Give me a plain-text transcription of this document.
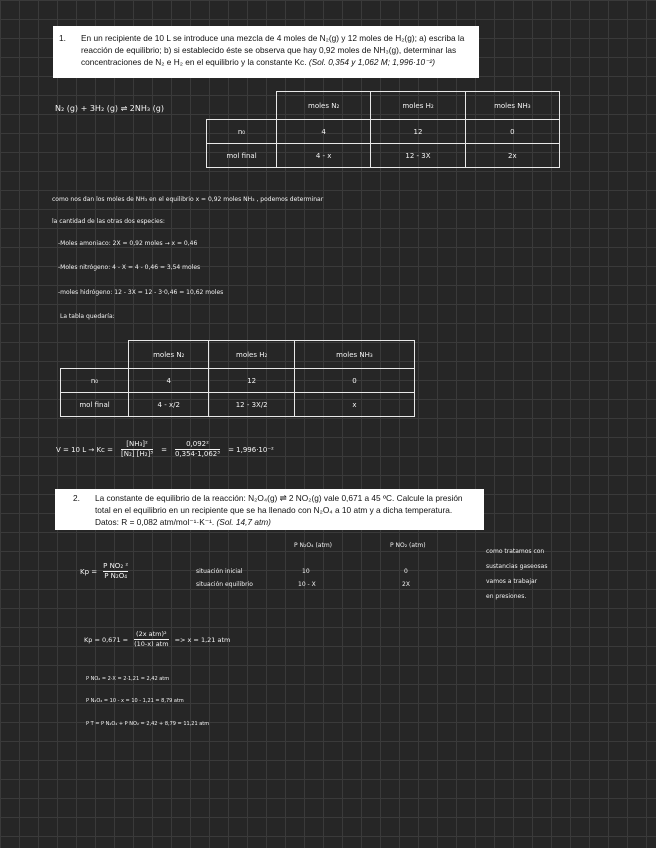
1. En un recipiente de 10 L se introduce una mezcla de 4 moles de N₂(g) y 12 moles de H₂(g); a) escriba la reacción de equilibrio; b) si establecido éste se observa que hay 0,92 moles de NH₃(g), determinar las concentraciones de N₂ e H₂ en el equilibrio y la constante Kc. (Sol. 0,354 y 1,062 M; 1,996·10⁻²)
N₂ (g) + 3H₂ (g) ⇌ 2NH₃ (g)
		moles N₂	moles H₂	moles NH₃
n₀	4	12	0
mol final	4 - x	12 - 3X	2x
como nos dan los moles de NH₃ en el equilibrio x = 0,92 moles NH₃ , podemos determinar
la cantidad de las otras dos especies:
-Moles amoniaco: 2X = 0,92 moles → x = 0,46
-Moles nitrógeno: 4 - X = 4 - 0,46 = 3,54 moles
-moles hidrógeno: 12 - 3X = 12 - 3·0,46 = 10,62 moles
La tabla quedaría:
	moles N₂	moles H₂	moles NH₃
n₀	4	12	0
mol final	4 - x/2	12 - 3X/2	x
V = 10 $L \to Kc = \frac{\text{[NH₃]²}}{\text{[N₂] [H₂]³}} = \frac{\text{0,092²}}{\text{0,354·1,062³}} = 1,996\cdot 10^{-2}$
2. La constante de equilibrio de la reacción: N₂O₄(g) ⇌ 2 NO₂(g) vale 0,671 a 45 ºC. Calcule la presión total en el equilibrio en un recipiente que se ha llenado con N₂O₄ a 10 atm y a dicha temperatura. Datos: R = 0,082 atm/mol⁻¹·K⁻¹. (Sol. 14,7 atm)
P N₂O₄ (atm)	P NO₂ (atm)
$Kp = \frac{\text{P NO₂ ²}}{\text{P N₂O₄}}$	situación inicial	10	0
situación equilibrio	10 - X	2X
como tratamos con
sustancias gaseosas
vamos a trabajar
en presiones.
$Kp = 0,671 = \frac{\text{(2x atm)²}}{\text{(10-x) atm}} => x = 1,21$ atm
P NO₂ = 2·X = 2·1,21 = 2,42 atm
P N₂O₄ = 10 - x = 10 - 1,21 = 8,79 atm
P T = P N₂O₄ + P NO₂ = 2,42 + 8,79 = 11,21 atm
